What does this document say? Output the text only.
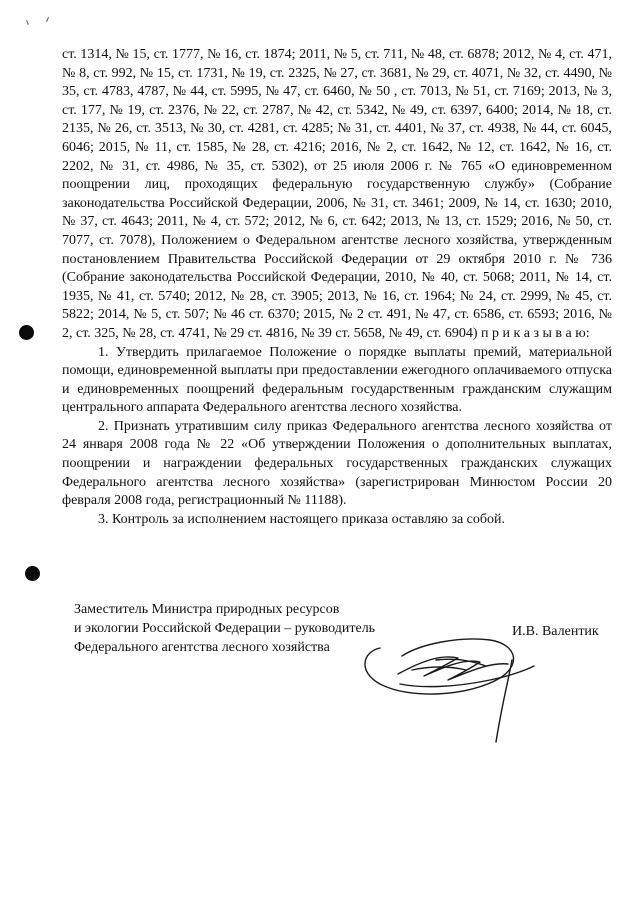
ст. 1314, № 15, ст. 1777, № 16, ст. 1874; 2011, № 5, ст. 711, № 48, ст. 6878; 2012, № 4, ст. 471, № 8, ст. 992, № 15, ст. 1731, № 19, ст. 2325, № 27, ст. 3681, № 29, ст. 4071, № 32, ст. 4490, № 35, ст. 4783, 4787, № 44, ст. 5995, № 47, ст. 6460, № 50 , ст. 7013, № 51, ст. 7169; 2013, № 3, ст. 177, № 19, ст. 2376, № 22, ст. 2787, № 42, ст. 5342, № 49, ст. 6397, 6400; 2014, № 18, ст. 2135, № 26, ст. 3513, № 30, ст. 4281, ст. 4285; № 31, ст. 4401, № 37, ст. 4938, № 44, ст. 6045, 6046; 2015, № 11, ст. 1585, № 28, ст. 4216; 2016, № 2, ст. 1642, № 12, ст. 1642, № 16, ст. 2202, № 31, ст. 4986, № 35, ст. 5302), от 25 июля 2006 г. № 765 «О единовременном поощрении лиц, проходящих федеральную государственную службу» (Собрание законодательства Российской Федерации, 2006, № 31, ст. 3461; 2009, № 14, ст. 1630; 2010, № 37, ст. 4643; 2011, № 4, ст. 572; 2012, № 6, ст. 642; 2013, № 13, ст. 1529; 2016, № 50, ст. 7077, ст. 7078), Положением о Федеральном агентстве лесного хозяйства, утвержденным постановлением Правительства Российской Федерации от 29 октября 2010 г. № 736 (Собрание законодательства Российской Федерации, 2010, № 40, ст. 5068; 2011, № 14, ст. 1935, № 41, ст. 5740; 2012, № 28, ст. 3905; 2013, № 16, ст. 1964; № 24, ст. 2999, № 45, ст. 5822; 2014, № 5, ст. 507; № 46 ст. 6370; 2015, № 2 ст. 491, № 47, ст. 6586, ст. 6593; 2016, № 2, ст. 325, № 28, ст. 4741, № 29 ст. 4816, № 39 ст. 5658, № 49, ст. 6904) п р и к а з ы в а ю:

1. Утвердить прилагаемое Положение о порядке выплаты премий, материальной помощи, единовременной выплаты при предоставлении ежегодного оплачиваемого отпуска и единовременных поощрений федеральным государственным гражданским служащим центрального аппарата Федерального агентства лесного хозяйства.

2. Признать утратившим силу приказ Федерального агентства лесного хозяйства от 24 января 2008 года № 22 «Об утверждении Положения о дополнительных выплатах, поощрении и награждении федеральных государственных гражданских служащих Федерального агентства лесного хозяйства» (зарегистрирован Минюстом России 20 февраля 2008 года, регистрационный № 11188).

3. Контроль за исполнением настоящего приказа оставляю за собой.

Заместитель Министра природных ресурсов
и экологии Российской Федерации – руководитель
Федерального агентства лесного хозяйства
И.В. Валентик
